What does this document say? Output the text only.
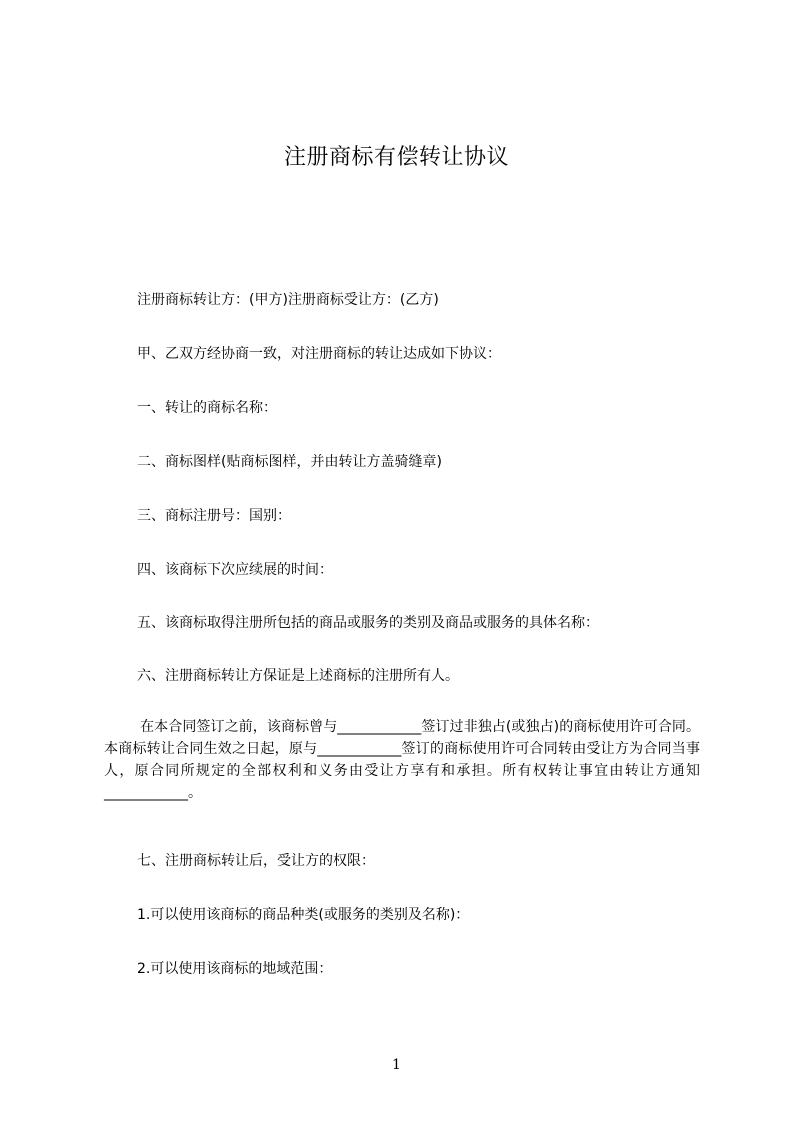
注册商标有偿转让协议
注册商标转让方：(甲方)注册商标受让方：(乙方)
甲、乙双方经协商一致，对注册商标的转让达成如下协议：
一、转让的商标名称：
二、商标图样(贴商标图样，并由转让方盖骑缝章)
三、商标注册号：国别：
四、该商标下次应续展的时间：
五、该商标取得注册所包括的商品或服务的类别及商品或服务的具体名称：
六、注册商标转让方保证是上述商标的注册所有人。
在本合同签订之前，该商标曾与____________签订过非独占(或独占)的商标使用许可合同。本商标转让合同生效之日起，原与____________签订的商标使用许可合同转由受让方为合同当事人，原合同所规定的全部权利和义务由受让方享有和承担。所有权转让事宜由转让方通知____________。
七、注册商标转让后，受让方的权限：
1.可以使用该商标的商品种类(或服务的类别及名称)：
2.可以使用该商标的地域范围：
1
